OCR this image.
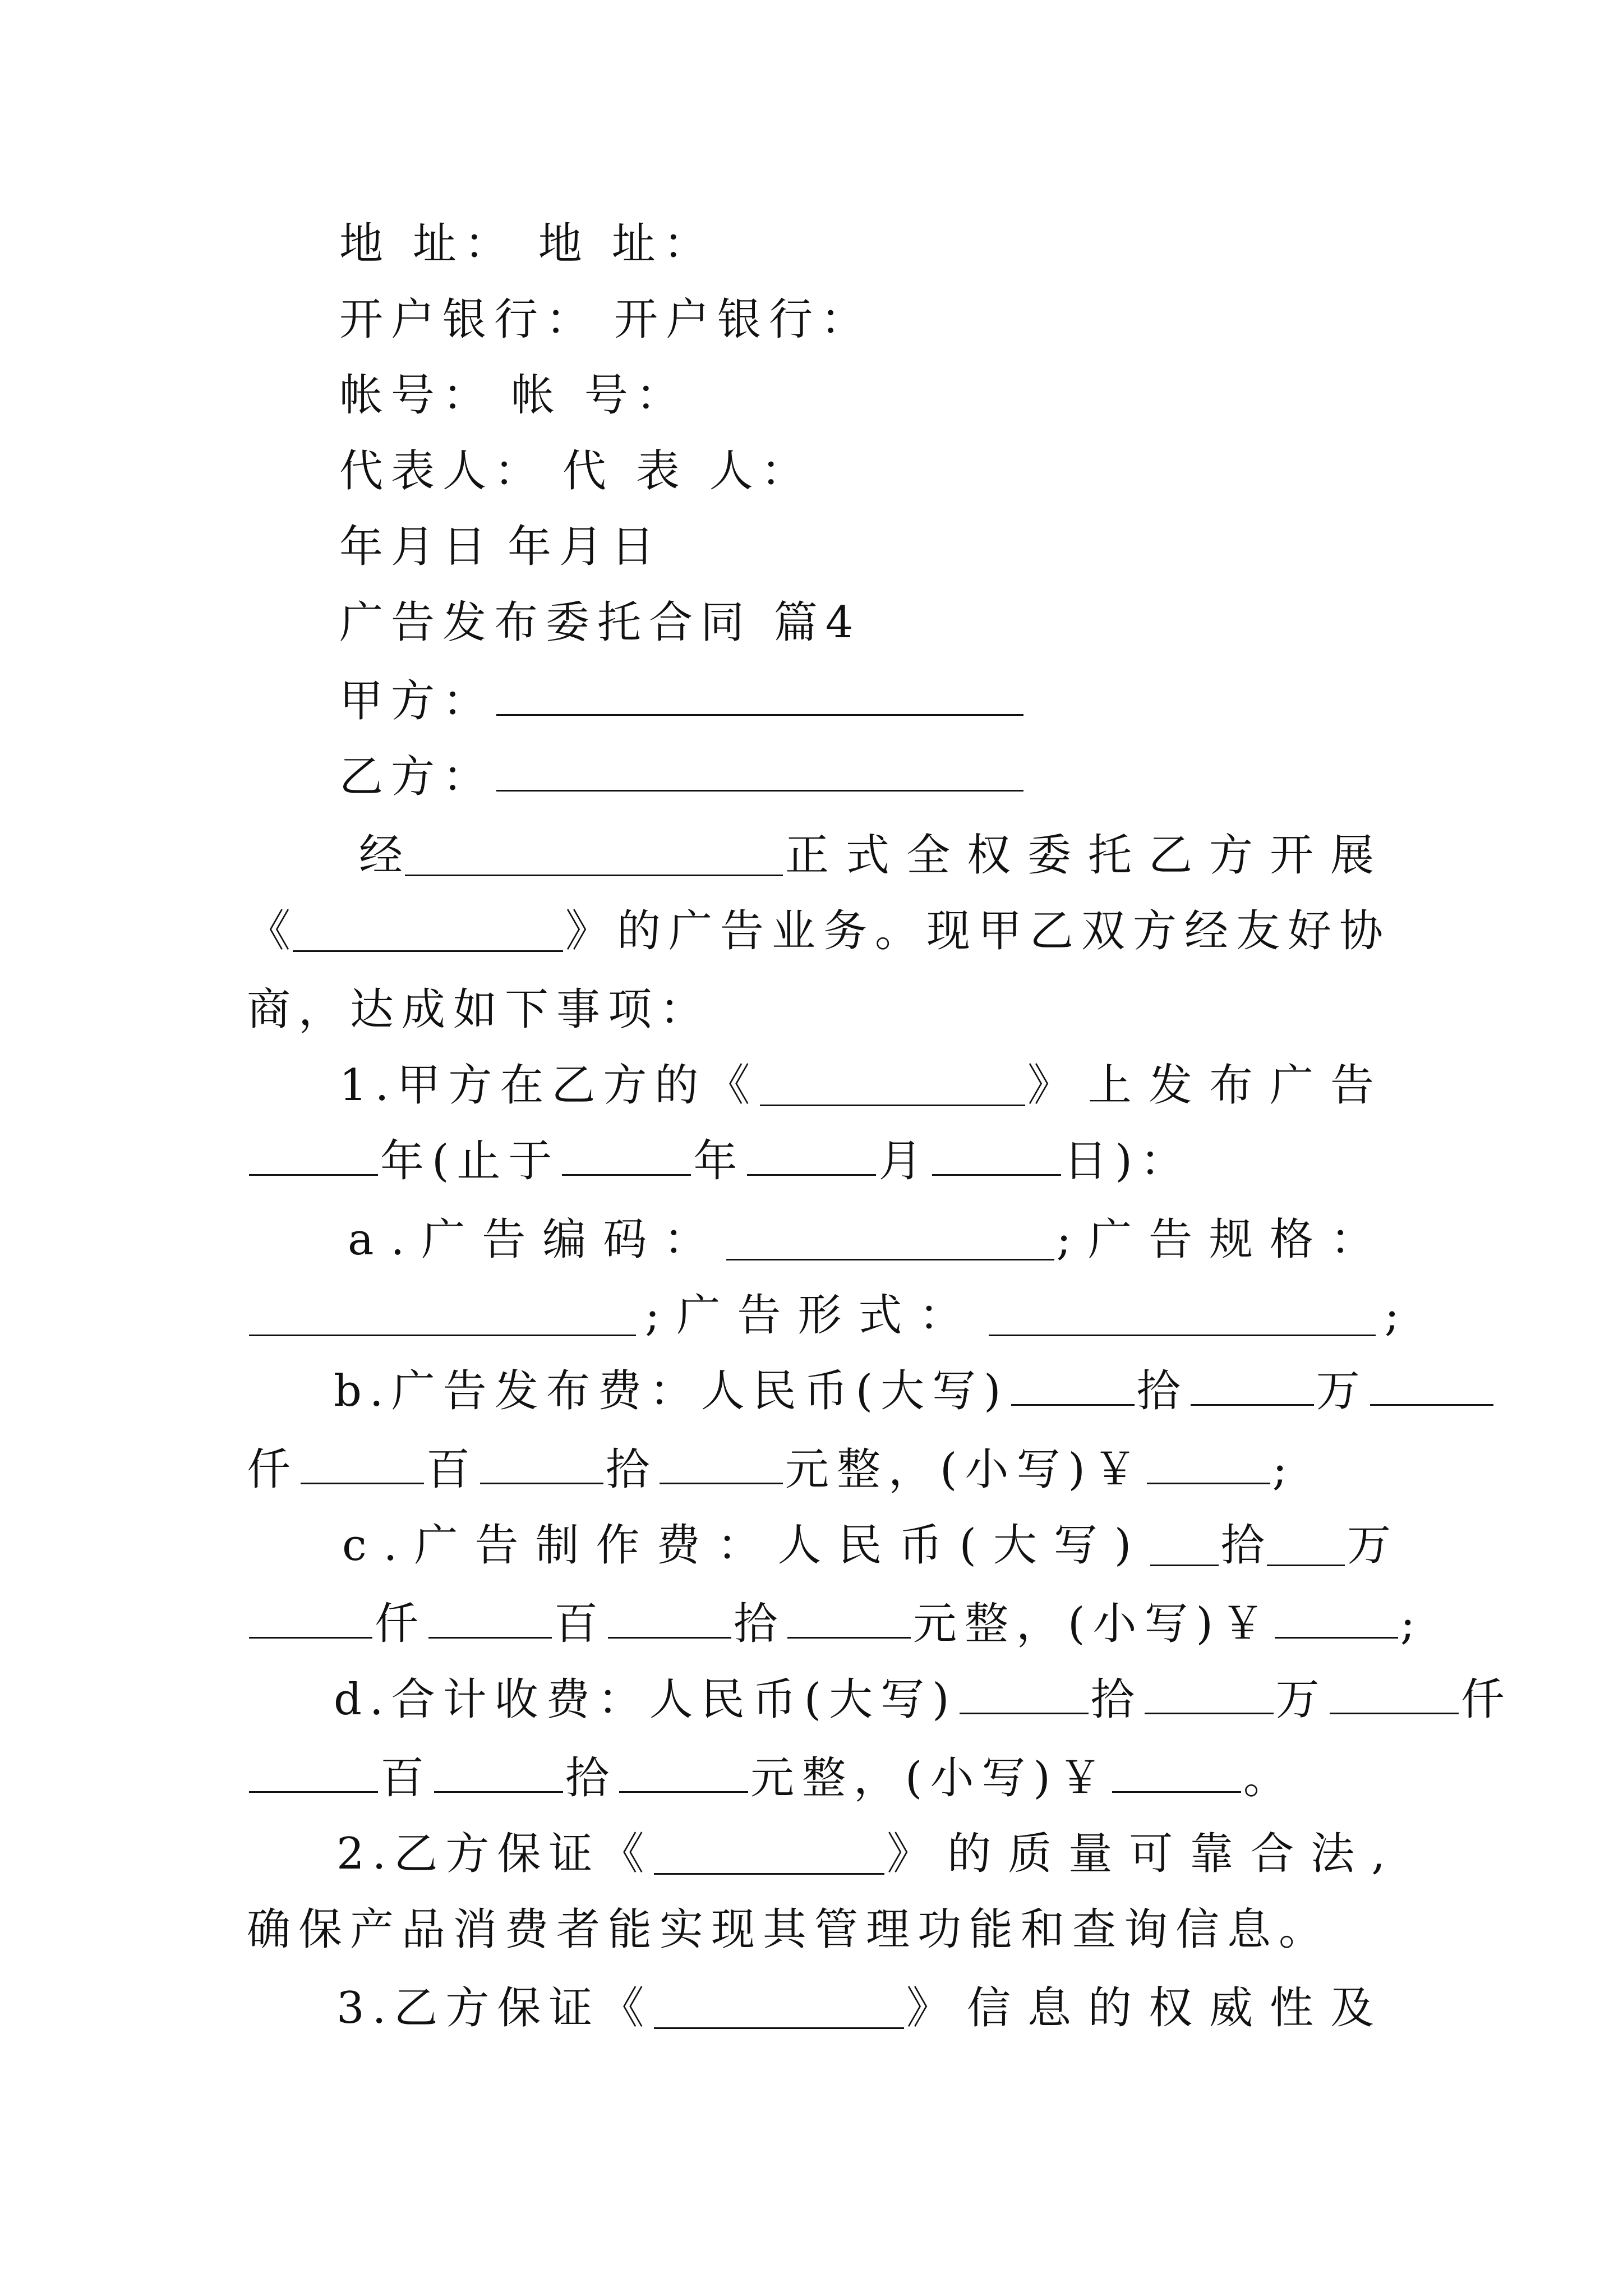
地 址： 地 址：
开户银行： 开户银行：
帐号： 帐 号：
代表人： 代 表 人：
年月日 年月日
广告发布委托合同 篇4
甲方：
乙方：
经	正式全权委托乙方开展
《	》的广告业务。现甲乙双方经友好协
商，达成如下事项：
1.甲方在乙方的《	》上发布广告
年(止于	年	月	日)：
a.广告编码：	;广告规格：
;广告形式：	;
b.广告发布费：人民币(大写)	拾	万
仟	百	拾	元整，(小写)￥	;
c.广告制作费：人民币(大写) 拾 万
仟	百	拾	元整，(小写)￥	;
d.合计收费：人民币(大写)	拾	万	仟
百	拾	元整，(小写)￥	。
2.乙方保证《	》的质量可靠合法,
确保产品消费者能实现其管理功能和查询信息。
3.乙方保证《	》信息的权威性及
